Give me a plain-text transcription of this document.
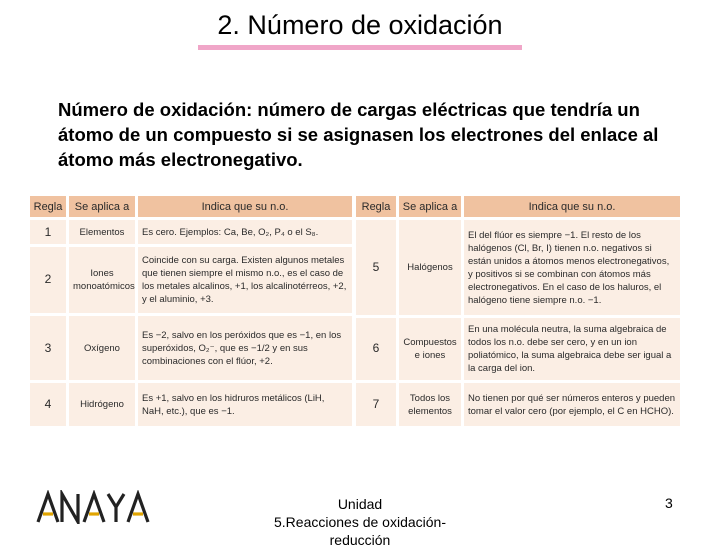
2. Número de oxidación
Número de oxidación: número de cargas eléctricas que tendría un átomo de un compuesto si se asignasen los electrones del enlace al átomo más electronegativo.
Regla	Se aplica a	Indica que su n.o.
1	Elementos	Es cero. Ejemplos: Ca, Be, O₂, P₄ o el S₈.
2	Iones monoatómicos	Coincide con su carga. Existen algunos metales que tienen siempre el mismo n.o., es el caso de los metales alcalinos, +1, los alcalinotérreos, +2, y el aluminio, +3.
3	Oxígeno	Es −2, salvo en los peróxidos que es −1, en los superóxidos, O₂⁻, que es −1/2 y en sus combinaciones con el flúor, +2.
4	Hidrógeno	Es +1, salvo en los hidruros metálicos (LiH, NaH, etc.), que es −1.
Regla	Se aplica a	Indica que su n.o.
5	Halógenos	El del flúor es siempre −1. El resto de los halógenos (Cl, Br, I) tienen n.o. negativos si están unidos a átomos menos electronegativos, y positivos si se combinan con átomos más electronegativos. En el caso de los haluros, el halógeno tiene siempre n.o. −1.
6	Compuestos e iones	En una molécula neutra, la suma algebraica de todos los n.o. debe ser cero, y en un ion poliatómico, la suma algebraica debe ser igual a la carga del ion.
7	Todos los elementos	No tienen por qué ser números enteros y pueden tomar el valor cero (por ejemplo, el C en HCHO).
Unidad
5.Reacciones de oxidación-
reducción
3
